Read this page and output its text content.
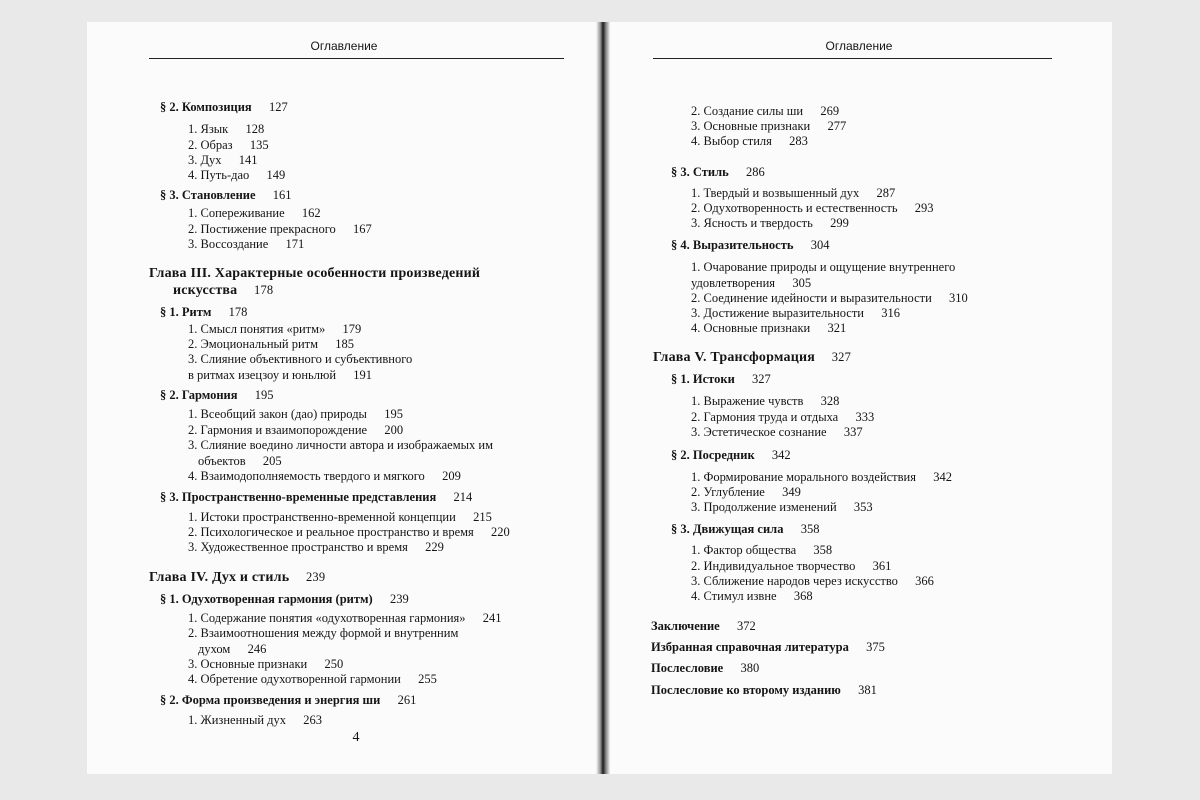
Оглавление
§ 2. Композиция	127
1. Язык	128
2. Образ	135
3. Дух	141
4. Путь-дао	149
§ 3. Становление	161
1. Сопереживание	162
2. Постижение прекрасного	167
3. Воссоздание	171
Глава III. Характерные особенности произведений
искусства	178
§ 1. Ритм	178
1. Смысл понятия «ритм»	179
2. Эмоциональный ритм	185
3. Слияние объективного и субъективного
в ритмах изецзоу и юньлюй	191
§ 2. Гармония	195
1. Всеобщий закон (дао) природы	195
2. Гармония и взаимопорождение	200
3. Слияние воедино личности автора и изображаемых им
объектов	205
4. Взаимодополняемость твердого и мягкого	209
§ 3. Пространственно-временные представления	214
1. Истоки пространственно-временной концепции	215
2. Психологическое и реальное пространство и время	220
3. Художественное пространство и время	229
Глава IV. Дух и стиль	239
§ 1. Одухотворенная гармония (ритм)	239
1. Содержание понятия «одухотворенная гармония»	241
2. Взаимоотношения между формой и внутренним
духом	246
3. Основные признаки	250
4. Обретение одухотворенной гармонии	255
§ 2. Форма произведения и энергия ши	261
1. Жизненный дух	263
4
Оглавление
2. Создание силы ши	269
3. Основные признаки	277
4. Выбор стиля	283
§ 3. Стиль	286
1. Твердый и возвышенный дух	287
2. Одухотворенность и естественность	293
3. Ясность и твердость	299
§ 4. Выразительность	304
1. Очарование природы и ощущение внутреннего
удовлетворения	305
2. Соединение идейности и выразительности	310
3. Достижение выразительности	316
4. Основные признаки	321
Глава V. Трансформация	327
§ 1. Истоки	327
1. Выражение чувств	328
2. Гармония труда и отдыха	333
3. Эстетическое сознание	337
§ 2. Посредник	342
1. Формирование морального воздействия	342
2. Углубление	349
3. Продолжение изменений	353
§ 3. Движущая сила	358
1. Фактор общества	358
2. Индивидуальное творчество	361
3. Сближение народов через искусство	366
4. Стимул извне	368
Заключение	372
Избранная справочная литература	375
Послесловие	380
Послесловие ко второму изданию	381
